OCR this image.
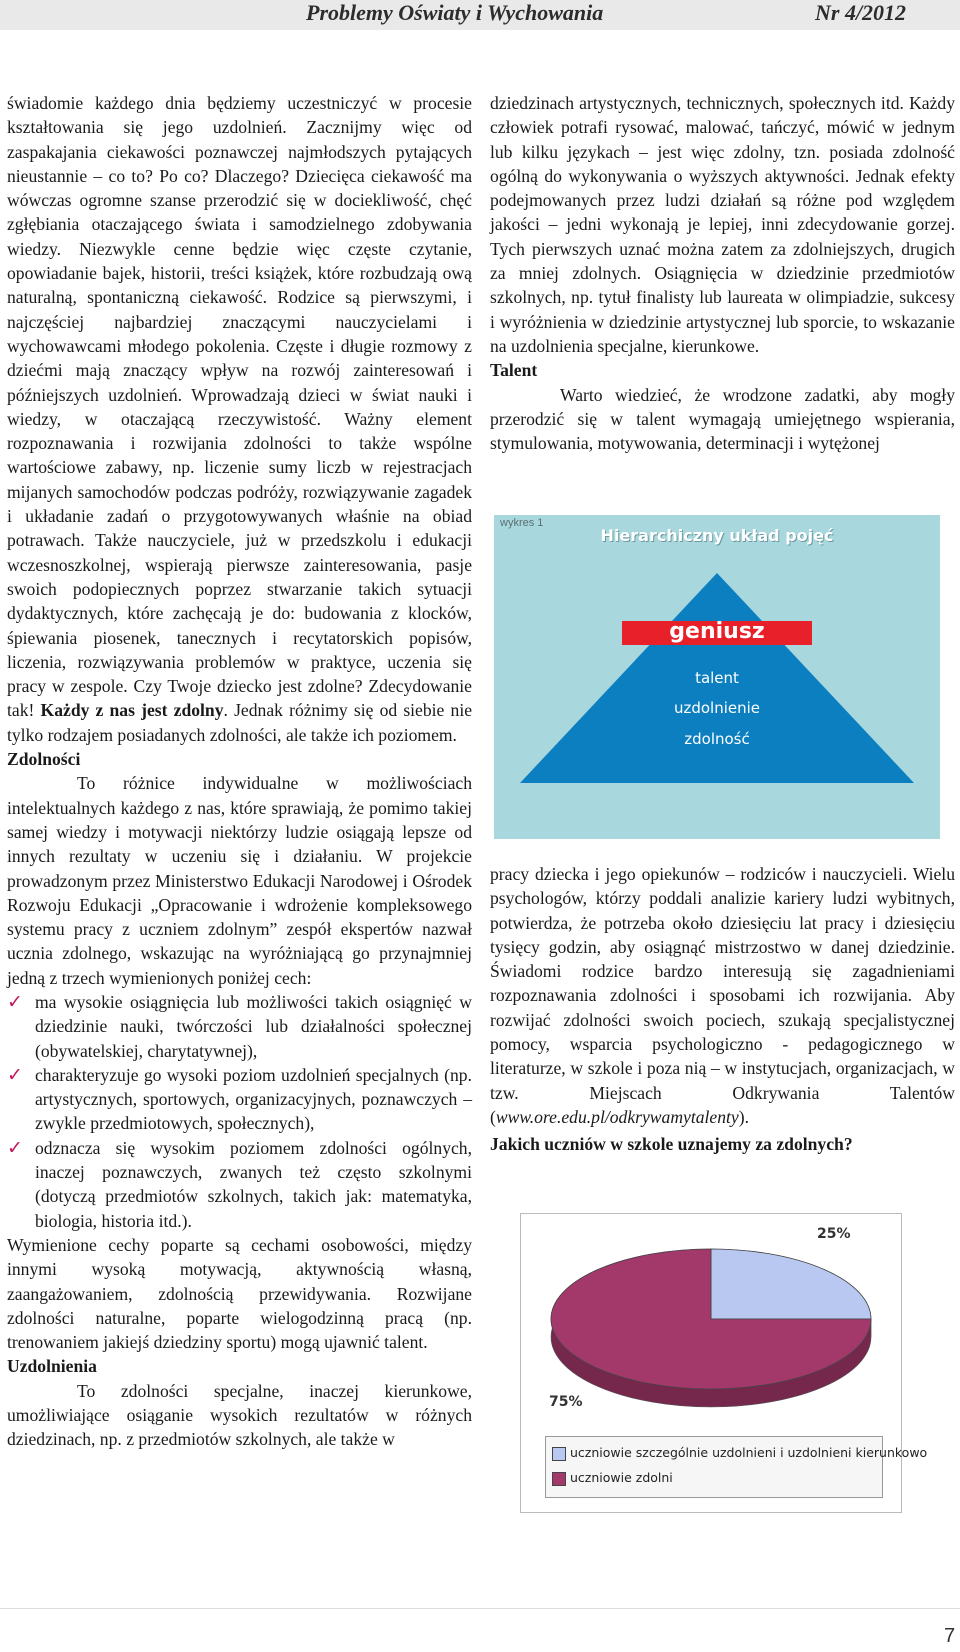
Problemy Oświaty i Wychowania	Nr 4/2012

świadomie każdego dnia będziemy uczestniczyć w procesie kształtowania się jego uzdolnień. Zacznijmy więc od zaspakajania ciekawości poznawczej najmłodszych pytających nieustannie – co to? Po co? Dlaczego? Dziecięca ciekawość ma wówczas ogromne szanse przerodzić się w dociekliwość, chęć zgłębiania otaczającego świata i samodzielnego zdobywania wiedzy. Niezwykle cenne będzie więc częste czytanie, opowiadanie bajek, historii, treści książek, które rozbudzają ową naturalną, spontaniczną ciekawość. Rodzice są pierwszymi, i najczęściej najbardziej znaczącymi nauczycielami i wychowawcami młodego pokolenia. Częste i długie rozmowy z dziećmi mają znaczący wpływ na rozwój zainteresowań i późniejszych uzdolnień. Wprowadzają dzieci w świat nauki i wiedzy, w otaczającą rzeczywistość. Ważny element rozpoznawania i rozwijania zdolności to także wspólne wartościowe zabawy, np. liczenie sumy liczb w rejestracjach mijanych samochodów podczas podróży, rozwiązywanie zagadek i układanie zadań o przygotowywanych właśnie na obiad potrawach. Także nauczyciele, już w przedszkolu i edukacji wczesnoszkolnej, wspierają pierwsze zainteresowania, pasje swoich podopiecznych poprzez stwarzanie takich sytuacji dydaktycznych, które zachęcają je do: budowania z klocków, śpiewania piosenek, tanecznych i recytatorskich popisów, liczenia, rozwiązywania problemów w praktyce, uczenia się pracy w zespole. Czy Twoje dziecko jest zdolne? Zdecydowanie tak! Każdy z nas jest zdolny. Jednak różnimy się od siebie nie tylko rodzajem posiadanych zdolności, ale także ich poziomem.

Zdolności

To różnice indywidualne w możliwościach intelektualnych każdego z nas, które sprawiają, że pomimo takiej samej wiedzy i motywacji niektórzy ludzie osiągają lepsze od innych rezultaty w uczeniu się i działaniu. W projekcie prowadzonym przez Ministerstwo Edukacji Narodowej i Ośrodek Rozwoju Edukacji „Opracowanie i wdrożenie kompleksowego systemu pracy z uczniem zdolnym” zespół ekspertów nazwał ucznia zdolnego, wskazując na wyróżniającą go przynajmniej jedną z trzech wymienionych poniżej cech:

✓ ma wysokie osiągnięcia lub możliwości takich osiągnięć w dziedzinie nauki, twórczości lub działalności społecznej (obywatelskiej, charytatywnej),
✓ charakteryzuje go wysoki poziom uzdolnień specjalnych (np. artystycznych, sportowych, organizacyjnych, poznawczych – zwykle przedmiotowych, społecznych),
✓ odznacza się wysokim poziomem zdolności ogólnych, inaczej poznawczych, zwanych też często szkolnymi (dotyczą przedmiotów szkolnych, takich jak: matematyka, biologia, historia itd.).

Wymienione cechy poparte są cechami osobowości, między innymi wysoką motywacją, aktywnością własną, zaangażowaniem, zdolnością przewidywania. Rozwijane zdolności naturalne, poparte wielogodzinną pracą (np. trenowaniem jakiejś dziedziny sportu) mogą ujawnić talent.

Uzdolnienia

To zdolności specjalne, inaczej kierunkowe, umożliwiające osiąganie wysokich rezultatów w różnych dziedzinach, np. z przedmiotów szkolnych, ale także w

dziedzinach artystycznych, technicznych, społecznych itd. Każdy człowiek potrafi rysować, malować, tańczyć, mówić w jednym lub kilku językach – jest więc zdolny, tzn. posiada zdolność ogólną do wykonywania o wyższych aktywności. Jednak efekty podejmowanych przez ludzi działań są różne pod względem jakości – jedni wykonają je lepiej, inni zdecydowanie gorzej. Tych pierwszych uznać można zatem za zdolniejszych, drugich za mniej zdolnych. Osiągnięcia w dziedzinie przedmiotów szkolnych, np. tytuł finalisty lub laureata w olimpiadzie, sukcesy i wyróżnienia w dziedzinie artystycznej lub sporcie, to wskazanie na uzdolnienia specjalne, kierunkowe.

Talent

Warto wiedzieć, że wrodzone zadatki, aby mogły przerodzić się w talent wymagają umiejętnego wspierania, stymulowania, motywowania, determinacji i wytężonej

wykres 1
Hierarchiczny układ pojęć
geniusz
talent
uzdolnienie
zdolność

pracy dziecka i jego opiekunów – rodziców i nauczycieli. Wielu psychologów, którzy poddali analizie kariery ludzi wybitnych, potwierdza, że potrzeba około dziesięciu lat pracy i dziesięciu tysięcy godzin, aby osiągnąć mistrzostwo w danej dziedzinie. Świadomi rodzice bardzo interesują się zagadnieniami rozpoznawania zdolności i sposobami ich rozwijania. Aby rozwijać zdolności swoich pociech, szukają specjalistycznej pomocy, wsparcia psychologiczno - pedagogicznego w literaturze, w szkole i poza nią – w instytucjach, organizacjach, w tzw. Miejscach Odkrywania Talentów (www.ore.edu.pl/odkrywamytalenty).

Jakich uczniów w szkole uznajemy za zdolnych?

25%
75%
uczniowie szczególnie uzdolnieni i uzdolnieni kierunkowo
uczniowie zdolni
7
